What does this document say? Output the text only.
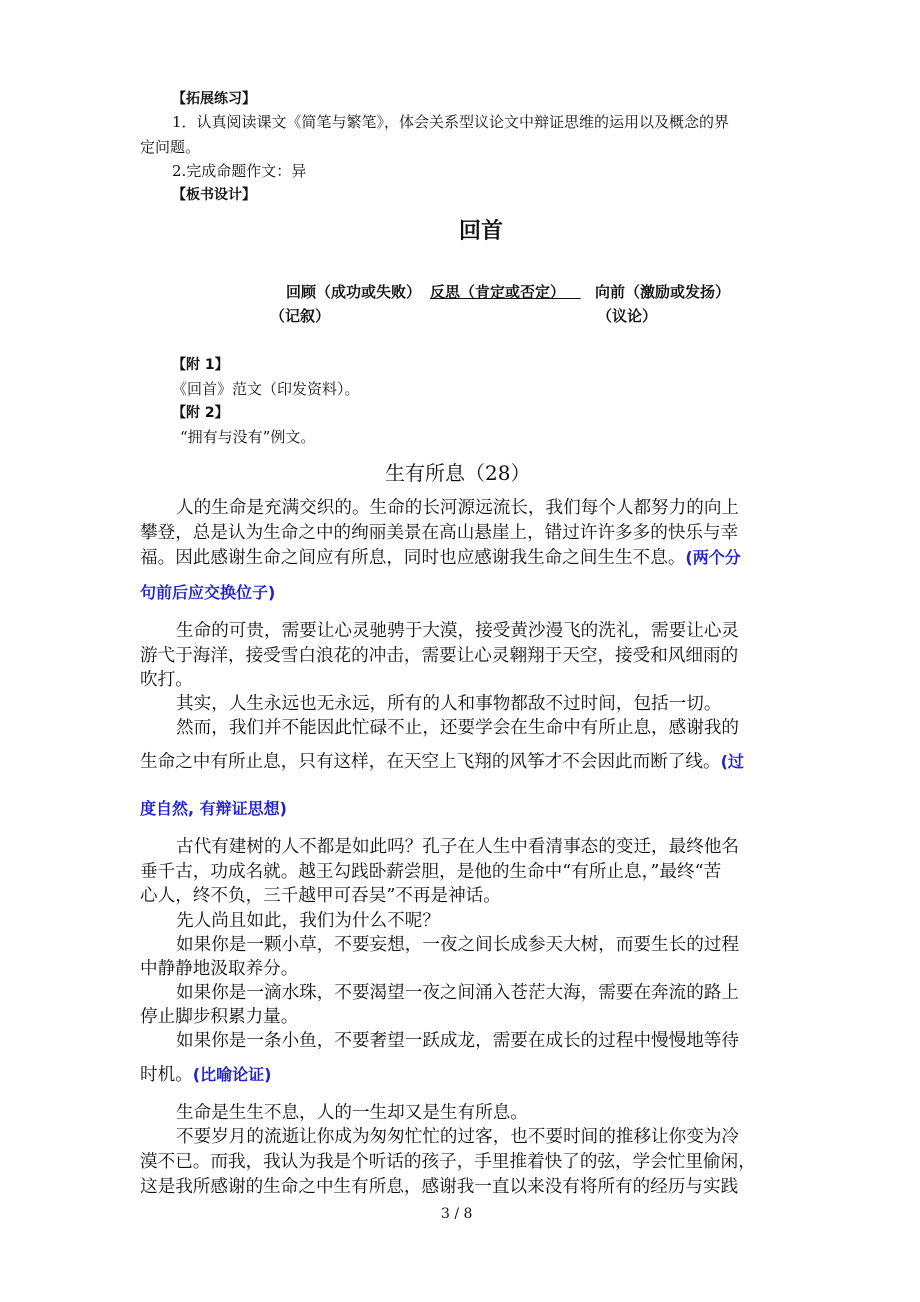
【拓展练习】
1．认真阅读课文《简笔与繁笔》，体会关系型议论文中辩证思维的运用以及概念的界
定问题。
2.完成命题作文：异
【板书设计】
回首
回顾（成功或失败） 反思（肯定或否定）	向前（激励或发扬）
（记叙）	（议论）
【附 1】
《回首》范文（印发资料）。
【附 2】
“拥有与没有”例文。
生有所息（28）
人的生命是充满交织的。生命的长河源远流长，我们每个人都努力的向上
攀登，总是认为生命之中的绚丽美景在高山悬崖上，错过许许多多的快乐与幸
福。因此感谢生命之间应有所息，同时也应感谢我生命之间生生不息。(两个分
句前后应交换位子)
生命的可贵，需要让心灵驰骋于大漠，接受黄沙漫飞的洗礼，需要让心灵
游弋于海洋，接受雪白浪花的冲击，需要让心灵翱翔于天空，接受和风细雨的
吹打。
其实，人生永远也无永远，所有的人和事物都敌不过时间，包括一切。
然而，我们并不能因此忙碌不止，还要学会在生命中有所止息，感谢我的
生命之中有所止息，只有这样，在天空上飞翔的风筝才不会因此而断了线。(过
度自然, 有辩证思想)
古代有建树的人不都是如此吗？孔子在人生中看清事态的变迁，最终他名
垂千古，功成名就。越王勾践卧薪尝胆，是他的生命中“有所止息，”最终“苦
心人，终不负，三千越甲可吞吴”不再是神话。
先人尚且如此，我们为什么不呢？
如果你是一颗小草，不要妄想，一夜之间长成参天大树，而要生长的过程
中静静地汲取养分。
如果你是一滴水珠，不要渴望一夜之间涌入苍茫大海，需要在奔流的路上
停止脚步积累力量。
如果你是一条小鱼，不要奢望一跃成龙，需要在成长的过程中慢慢地等待
时机。(比喻论证)
生命是生生不息，人的一生却又是生有所息。
不要岁月的流逝让你成为匆匆忙忙的过客，也不要时间的推移让你变为冷
漠不已。而我，我认为我是个听话的孩子，手里推着快了的弦，学会忙里偷闲，
这是我所感谢的生命之中生有所息，感谢我一直以来没有将所有的经历与实践
3 / 8
